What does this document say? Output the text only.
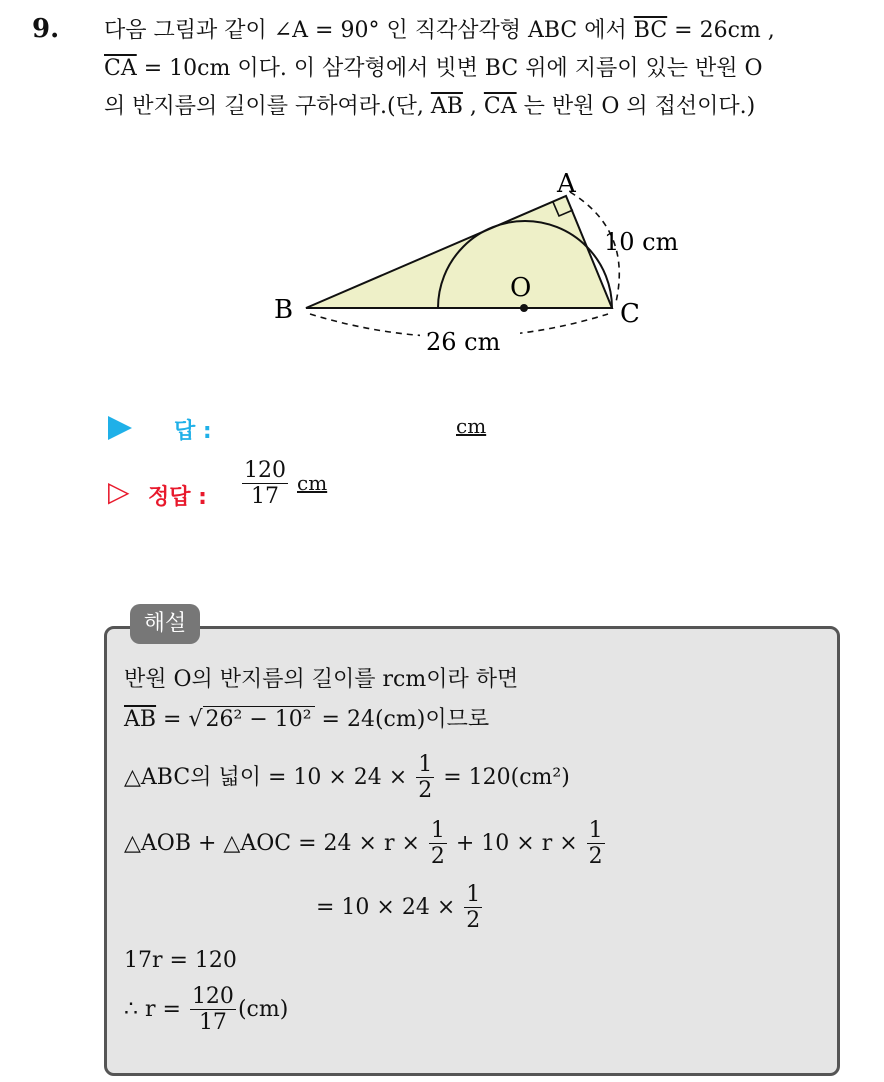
9. 다음 그림과 같이 ∠A = 90° 인 직각삼각형 ABC 에서 $\overline{BC} = 26cm$ ,
$\overline{CA} = 10cm$ 이다. 이 삼각형에서 빗변 BC 위에 지름이 있는 반원 O
의 반지름의 길이를 구하여라.(단, $\overline{AB}$ , $\overline{CA}$ 는 반원 O 의 접선이다.)
A
B	C
O
10 cm
26 cm
답 :	cm
▷ 정답 : $\frac{120}{17}$ cm
해설
반원 O의 반지름의 길이를 rcm이라 하면
$\overline{AB}$ = √ 26² − 10² = 24(cm)이므로
△ABC의 넓이 = $10 \times 24 \times \frac{1}{2} = 120(cm^2)$
△AOB + △AOC = $24 \times r \times \frac{1}{2} + 10 \times r \times \frac{1}{2}$
= $10 \times 24 \times \frac{1}{2}$
17r = 120
∴ $r = \frac{120}{17} (cm)$
